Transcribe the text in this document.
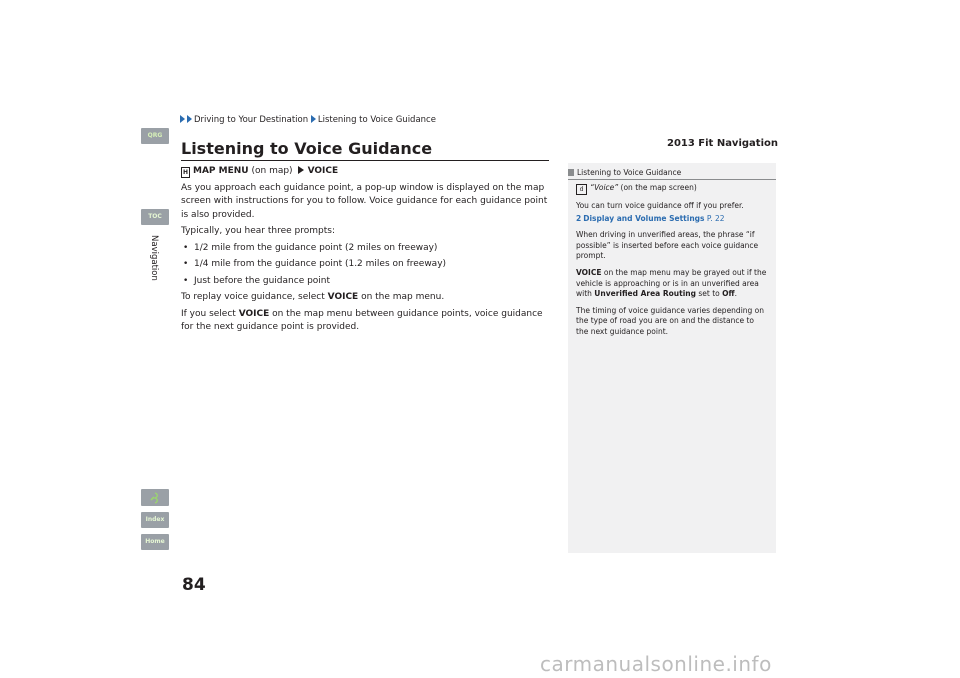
Driving to Your Destination Listening to Voice Guidance
2013 Fit Navigation
QRG
TOC
Navigation
Index
Home
Listening to Voice Guidance

H MAP MENU (on map) VOICE

As you approach each guidance point, a pop-up window is displayed on the map screen with instructions for you to follow. Voice guidance for each guidance point is also provided.

Typically, you hear three prompts:

• 1/2 mile from the guidance point (2 miles on freeway)
• 1/4 mile from the guidance point (1.2 miles on freeway)
• Just before the guidance point

To replay voice guidance, select VOICE on the map menu.

If you select VOICE on the map menu between guidance points, voice guidance for the next guidance point is provided.

Listening to Voice Guidance

d “Voice” (on the map screen)

You can turn voice guidance off if you prefer.

2 Display and Volume Settings P. 22

When driving in unverified areas, the phrase “if possible” is inserted before each voice guidance prompt.

VOICE on the map menu may be grayed out if the vehicle is approaching or is in an unverified area with Unverified Area Routing set to Off.

The timing of voice guidance varies depending on the type of road you are on and the distance to the next guidance point.

84
carmanualsonline.info
